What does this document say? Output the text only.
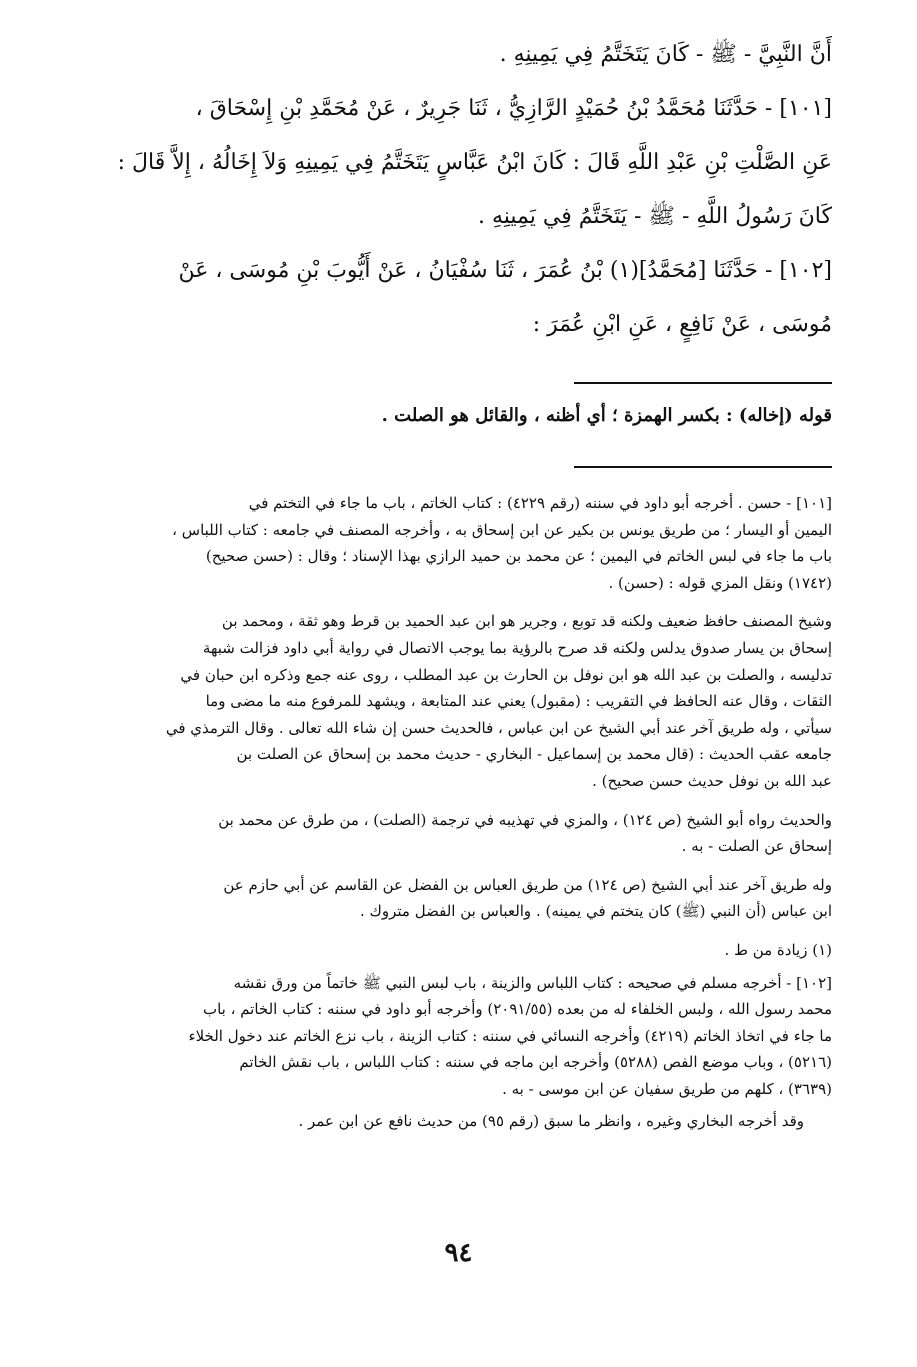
أَنَّ النَّبِيَّ - ﷺ - كَانَ يَتَخَتَّمُ فِي يَمِينِهِ .
[١٠١] - حَدَّثَنَا مُحَمَّدُ بْنُ حُمَيْدٍ الرَّازِيُّ ، ثَنَا جَرِيرٌ ، عَنْ مُحَمَّدِ بْنِ إِسْحَاقَ ،
عَنِ الصَّلْتِ بْنِ عَبْدِ اللَّهِ قَالَ : كَانَ ابْنُ عَبَّاسٍ يَتَخَتَّمُ فِي يَمِينِهِ وَلاَ إِخَالُهُ ، إِلاَّ قَالَ :
كَانَ رَسُولُ اللَّهِ - ﷺ - يَتَخَتَّمُ فِي يَمِينِهِ .
[١٠٢] - حَدَّثَنَا [مُحَمَّدُ](١) بْنُ عُمَرَ ، ثَنَا سُفْيَانُ ، عَنْ أَيُّوبَ بْنِ مُوسَى ، عَنْ
مُوسَى ، عَنْ نَافِعٍ ، عَنِ ابْنِ عُمَرَ :
قوله (إخاله) : بكسر الهمزة ؛ أي أظنه ، والقائل هو الصلت .
[١٠١] - حسن . أخرجه أبو داود في سننه (رقم ٤٢٢٩) : كتاب الخاتم ، باب ما جاء في التختم في
اليمين أو اليسار ؛ من طريق يونس بن بكير عن ابن إسحاق به ، وأخرجه المصنف في جامعه : كتاب اللباس ،
باب ما جاء في لبس الخاتم في اليمين ؛ عن محمد بن حميد الرازي بهذا الإسناد ؛ وقال : (حسن صحيح)
(١٧٤٢) ونقل المزي قوله : (حسن) .
وشيخ المصنف حافظ ضعيف ولكنه قد توبع ، وجرير هو ابن عبد الحميد بن قرط وهو ثقة ، ومحمد بن
إسحاق بن يسار صدوق يدلس ولكنه قد صرح بالرؤية بما يوجب الاتصال في رواية أبي داود فزالت شبهة
تدليسه ، والصلت بن عبد الله هو ابن نوفل بن الحارث بن عبد المطلب ، روى عنه جمع وذكره ابن حبان في
الثقات ، وقال عنه الحافظ في التقريب : (مقبول) يعني عند المتابعة ، ويشهد للمرفوع منه ما مضى وما
سيأتي ، وله طريق آخر عند أبي الشيخ عن ابن عباس ، فالحديث حسن إن شاء الله تعالى . وقال الترمذي في
جامعه عقب الحديث : (قال محمد بن إسماعيل - البخاري - حديث محمد بن إسحاق عن الصلت بن
عبد الله بن نوفل حديث حسن صحيح) .
والحديث رواه أبو الشيخ (ص ١٢٤) ، والمزي في تهذيبه في ترجمة (الصلت) ، من طرق عن محمد بن
إسحاق عن الصلت - به .
وله طريق آخر عند أبي الشيخ (ص ١٢٤) من طريق العباس بن الفضل عن القاسم عن أبي حازم عن
ابن عباس (أن النبي (ﷺ) كان يتختم في يمينه) . والعباس بن الفضل متروك .
(١) زيادة من ط .
[١٠٢] - أخرجه مسلم في صحيحه : كتاب اللباس والزينة ، باب لبس النبي ﷺ خاتماً من ورق نقشه
محمد رسول الله ، ولبس الخلفاء له من بعده (٢٠٩١/٥٥) وأخرجه أبو داود في سننه : كتاب الخاتم ، باب
ما جاء في اتخاذ الخاتم (٤٢١٩) وأخرجه النسائي في سننه : كتاب الزينة ، باب نزع الخاتم عند دخول الخلاء
(٥٢١٦) ، وباب موضع الفص (٥٢٨٨) وأخرجه ابن ماجه في سننه : كتاب اللباس ، باب نقش الخاتم
(٣٦٣٩) ، كلهم من طريق سفيان عن ابن موسى - به .
وقد أخرجه البخاري وغيره ، وانظر ما سبق (رقم ٩٥) من حديث نافع عن ابن عمر .
٩٤
